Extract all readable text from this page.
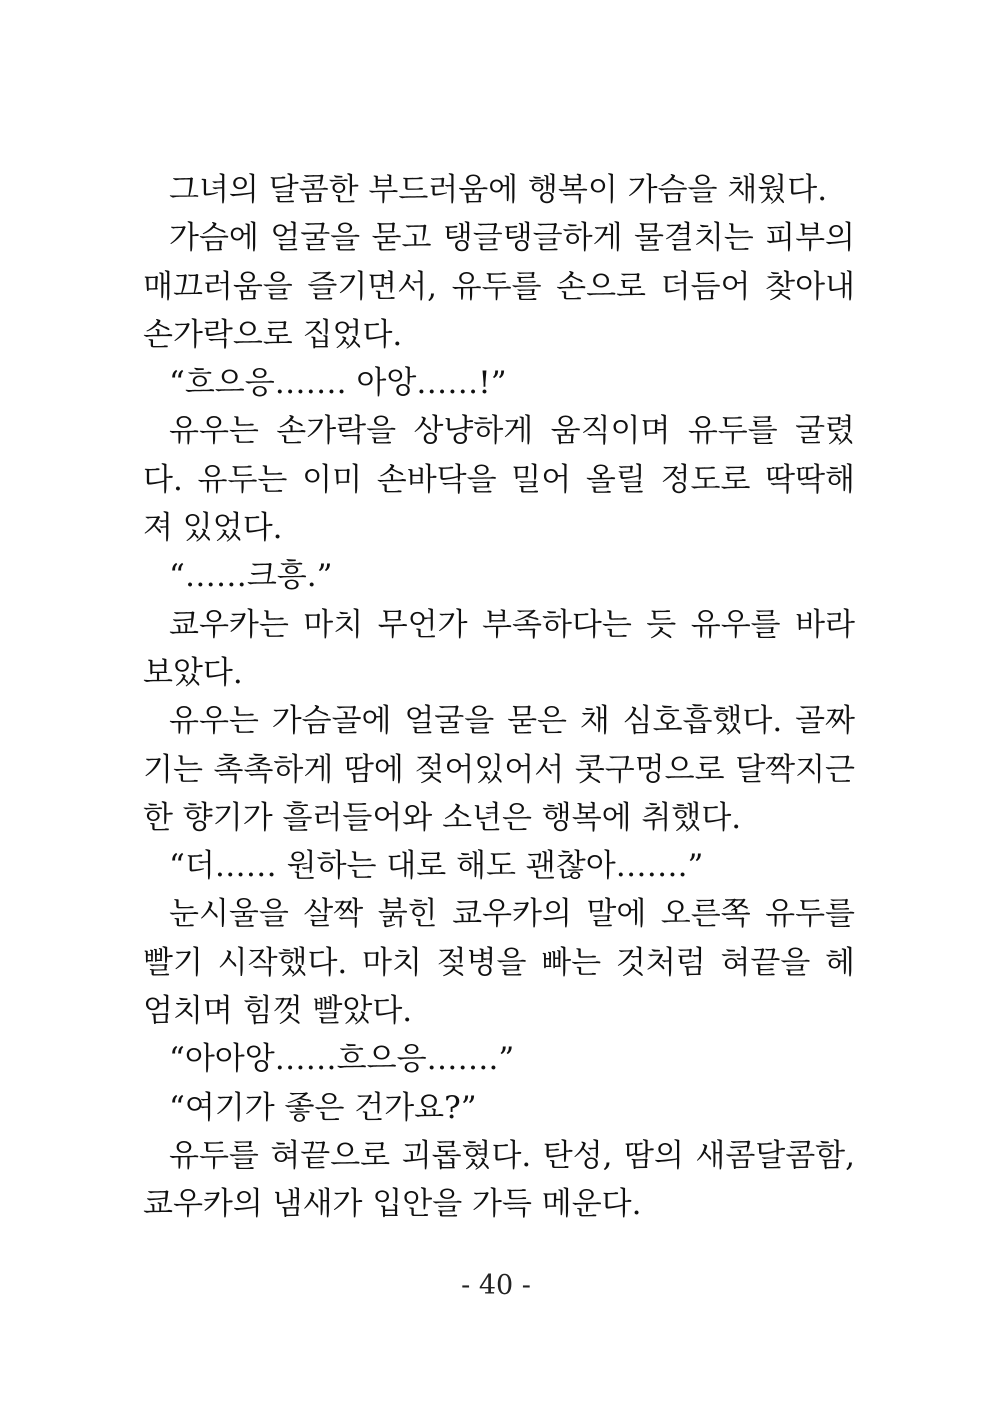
그녀의 달콤한 부드러움에 행복이 가슴을 채웠다.
가슴에 얼굴을 묻고 탱글탱글하게 물결치는 피부의
매끄러움을 즐기면서, 유두를 손으로 더듬어 찾아내
손가락으로 집었다.
“흐으응……. 아앙……!”
유우는 손가락을 상냥하게 움직이며 유두를 굴렸
다. 유두는 이미 손바닥을 밀어 올릴 정도로 딱딱해
져 있었다.
“……크흥.”
쿄우카는 마치 무언가 부족하다는 듯 유우를 바라
보았다.
유우는 가슴골에 얼굴을 묻은 채 심호흡했다. 골짜
기는 촉촉하게 땀에 젖어있어서 콧구멍으로 달짝지근
한 향기가 흘러들어와 소년은 행복에 취했다.
“더…… 원하는 대로 해도 괜찮아…….”
눈시울을 살짝 붉힌 쿄우카의 말에 오른쪽 유두를
빨기 시작했다. 마치 젖병을 빠는 것처럼 혀끝을 헤
엄치며 힘껏 빨았다.
“아아앙……흐으응…….”
“여기가 좋은 건가요?”
유두를 혀끝으로 괴롭혔다. 탄성, 땀의 새콤달콤함,
쿄우카의 냄새가 입안을 가득 메운다.
- 40 -
